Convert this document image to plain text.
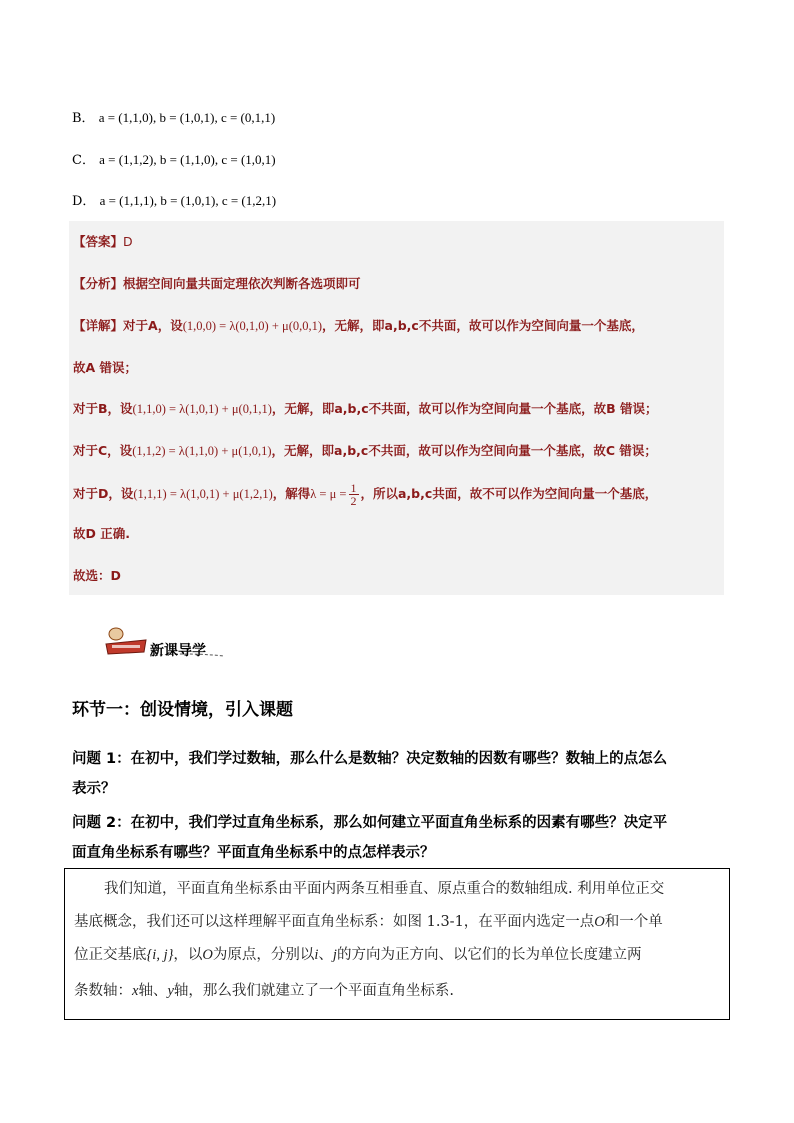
B． a = (1,1,0), b = (1,0,1), c = (0,1,1)
C． a = (1,1,2), b = (1,1,0), c = (1,0,1)
D． a = (1,1,1), b = (1,0,1), c = (1,2,1)
【答案】D
【分析】根据空间向量共面定理依次判断各选项即可
【详解】对于A，设(1,0,0) = λ(0,1,0) + μ(0,0,1)，无解，即a,b,c不共面，故可以作为空间向量一个基底，
故A 错误；
对于B，设(1,1,0) = λ(1,0,1) + μ(0,1,1)，无解，即a,b,c不共面，故可以作为空间向量一个基底，故B 错误；
对于C，设(1,1,2) = λ(1,1,0) + μ(1,0,1)，无解，即a,b,c不共面，故可以作为空间向量一个基底，故C 错误；
对于D，设(1,1,1) = λ(1,0,1) + μ(1,2,1)，解得$\lambda = \mu = \frac{1}{2}$ ，所以a,b,c共面，故不可以作为空间向量一个基底，
故D 正确.
故选：D
新课导学
环节一：创设情境，引入课题
问题 1：在初中，我们学过数轴，那么什么是数轴？决定数轴的因数有哪些？数轴上的点怎么
表示？
问题 2：在初中，我们学过直角坐标系，那么如何建立平面直角坐标系的因素有哪些？决定平
面直角坐标系有哪些？平面直角坐标系中的点怎样表示？
我们知道，平面直角坐标系由平面内两条互相垂直、原点重合的数轴组成. 利用单位正交
基底概念，我们还可以这样理解平面直角坐标系：如图 1.3-1，在平面内选定一点O和一个单
位正交基底{i, j}，以O为原点，分别以i、j的方向为正方向、以它们的长为单位长度建立两
条数轴：x轴、y轴，那么我们就建立了一个平面直角坐标系.
